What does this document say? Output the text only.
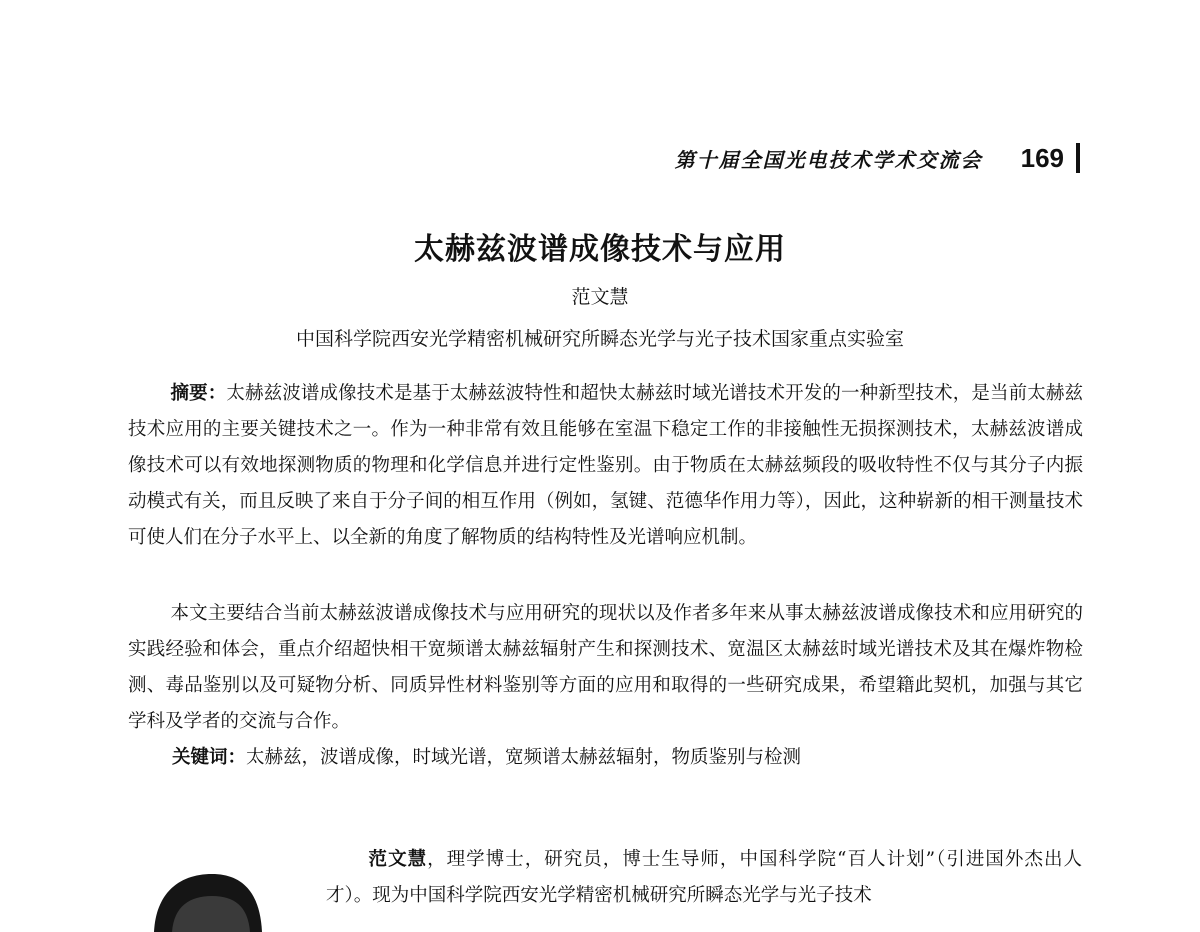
第十届全国光电技术学术交流会 169
太赫兹波谱成像技术与应用
范文慧
中国科学院西安光学精密机械研究所瞬态光学与光子技术国家重点实验室
摘要：太赫兹波谱成像技术是基于太赫兹波特性和超快太赫兹时域光谱技术开发的一种新型技术，是当前太赫兹技术应用的主要关键技术之一。作为一种非常有效且能够在室温下稳定工作的非接触性无损探测技术，太赫兹波谱成像技术可以有效地探测物质的物理和化学信息并进行定性鉴别。由于物质在太赫兹频段的吸收特性不仅与其分子内振动模式有关，而且反映了来自于分子间的相互作用（例如，氢键、范德华作用力等），因此，这种崭新的相干测量技术可使人们在分子水平上、以全新的角度了解物质的结构特性及光谱响应机制。
本文主要结合当前太赫兹波谱成像技术与应用研究的现状以及作者多年来从事太赫兹波谱成像技术和应用研究的实践经验和体会，重点介绍超快相干宽频谱太赫兹辐射产生和探测技术、宽温区太赫兹时域光谱技术及其在爆炸物检测、毒品鉴别以及可疑物分析、同质异性材料鉴别等方面的应用和取得的一些研究成果，希望籍此契机，加强与其它学科及学者的交流与合作。
关键词：太赫兹，波谱成像，时域光谱，宽频谱太赫兹辐射，物质鉴别与检测
范文慧，理学博士，研究员，博士生导师，中国科学院“百人计划”（引进国外杰出人才）。现为中国科学院西安光学精密机械研究所瞬态光学与光子技术
